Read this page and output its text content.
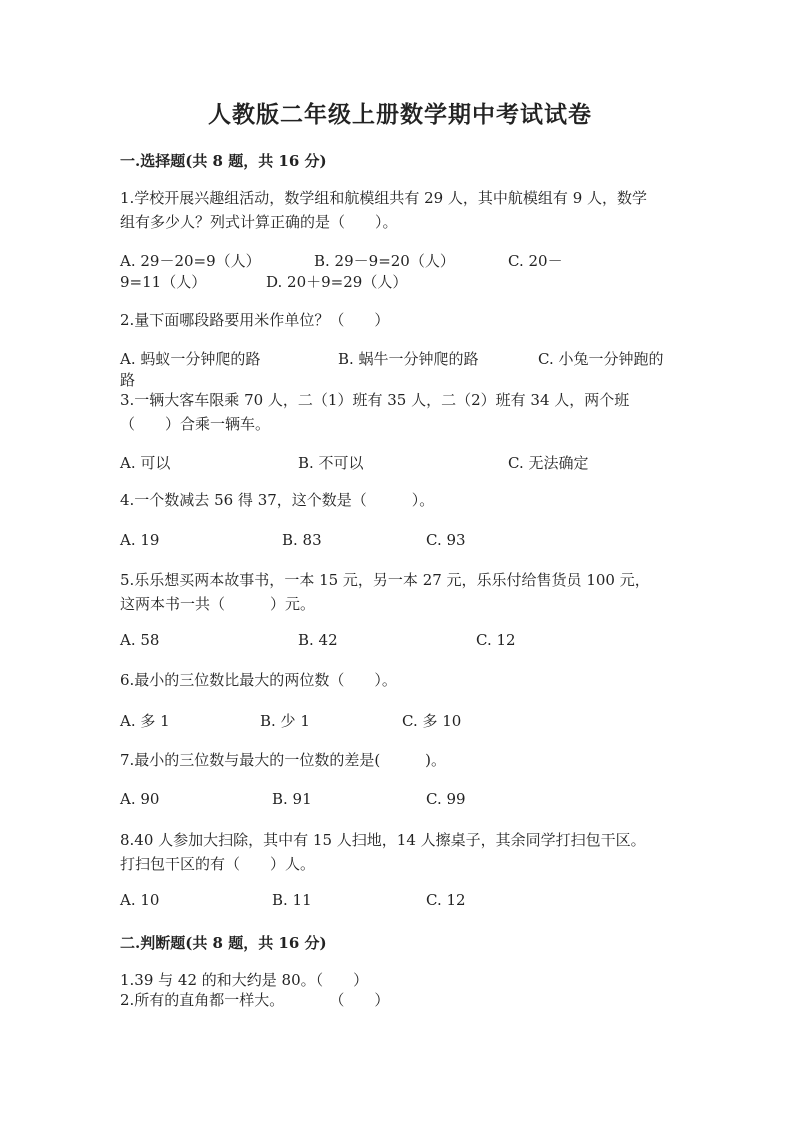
人教版二年级上册数学期中考试试卷
一.选择题(共 8 题，共 16 分)
1.学校开展兴趣组活动，数学组和航模组共有 29 人，其中航模组有 9 人，数学
组有多少人？列式计算正确的是（　　）。
A. 29－20=9（人）	B. 29－9=20（人）	C. 20－
9=11（人）	D. 20＋9=29（人）
2.量下面哪段路要用米作单位？（　　）
A. 蚂蚁一分钟爬的路	B. 蜗牛一分钟爬的路	C. 小兔一分钟跑的
路
3.一辆大客车限乘 70 人，二（1）班有 35 人，二（2）班有 34 人，两个班
（　　）合乘一辆车。
A. 可以	B. 不可以	C. 无法确定
4.一个数减去 56 得 37，这个数是（　　　）。
A. 19	B. 83	C. 93
5.乐乐想买两本故事书，一本 15 元，另一本 27 元，乐乐付给售货员 100 元，
这两本书一共（　　　）元。
A. 58	B. 42	C. 12
6.最小的三位数比最大的两位数（　　）。
A. 多 1	B. 少 1	C. 多 10
7.最小的三位数与最大的一位数的差是(　　　)。
A. 90	B. 91	C. 99
8.40 人参加大扫除，其中有 15 人扫地，14 人擦桌子，其余同学打扫包干区。
打扫包干区的有（　　）人。
A. 10	B. 11	C. 12
二.判断题(共 8 题，共 16 分)
1.39 与 42 的和大约是 80。（　　）
2.所有的直角都一样大。　　　　（　　）
